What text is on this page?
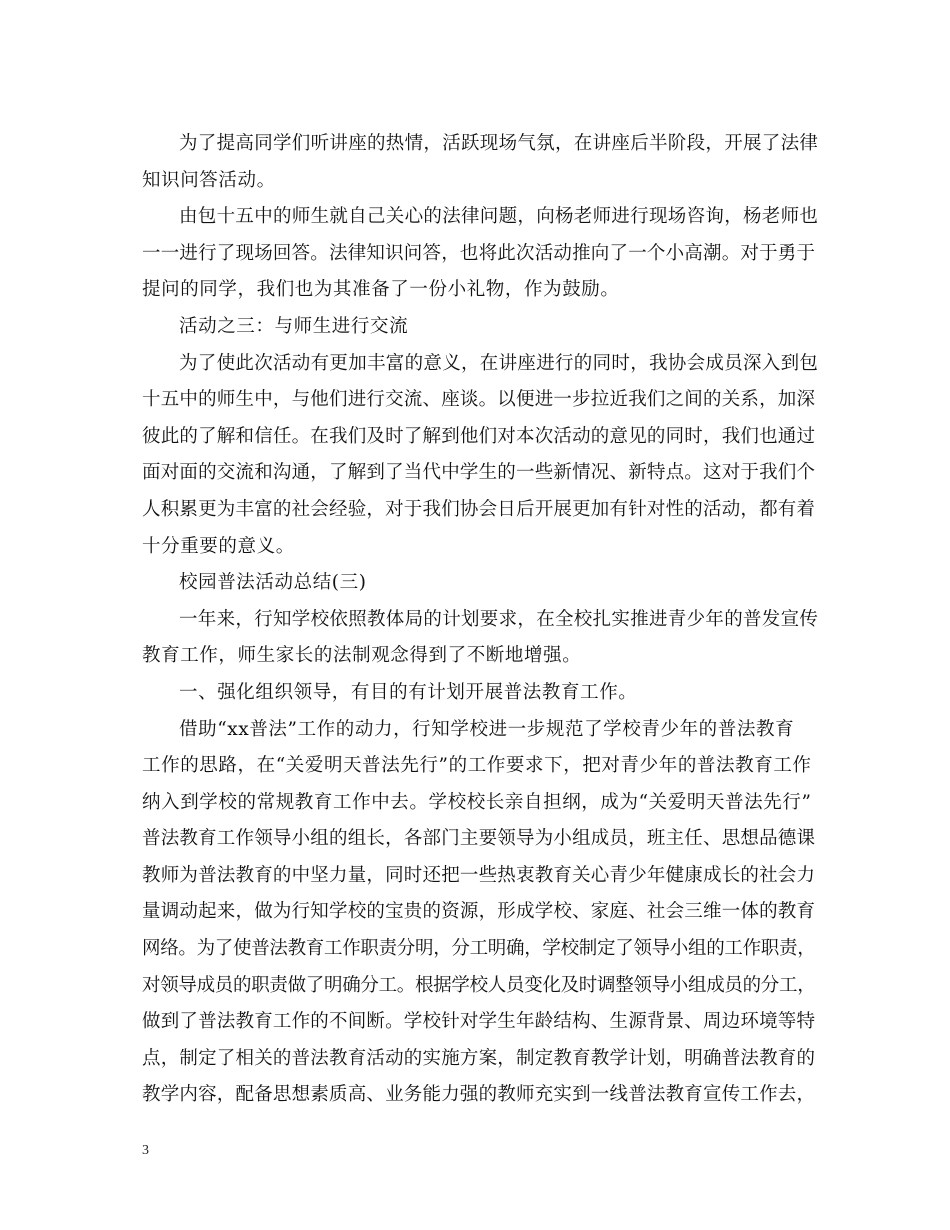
为了提高同学们听讲座的热情，活跃现场气氛，在讲座后半阶段，开展了法律
知识问答活动。
由包十五中的师生就自己关心的法律问题，向杨老师进行现场咨询，杨老师也
一一进行了现场回答。法律知识问答，也将此次活动推向了一个小高潮。对于勇于
提问的同学，我们也为其准备了一份小礼物，作为鼓励。
活动之三：与师生进行交流
为了使此次活动有更加丰富的意义，在讲座进行的同时，我协会成员深入到包
十五中的师生中，与他们进行交流、座谈。以便进一步拉近我们之间的关系，加深
彼此的了解和信任。在我们及时了解到他们对本次活动的意见的同时，我们也通过
面对面的交流和沟通，了解到了当代中学生的一些新情况、新特点。这对于我们个
人积累更为丰富的社会经验，对于我们协会日后开展更加有针对性的活动，都有着
十分重要的意义。
校园普法活动总结(三)
一年来，行知学校依照教体局的计划要求，在全校扎实推进青少年的普发宣传
教育工作，师生家长的法制观念得到了不断地增强。
一、强化组织领导，有目的有计划开展普法教育工作。
借助“xx普法”工作的动力，行知学校进一步规范了学校青少年的普法教育
工作的思路，在“关爱明天普法先行”的工作要求下，把对青少年的普法教育工作
纳入到学校的常规教育工作中去。学校校长亲自担纲，成为“关爱明天普法先行”
普法教育工作领导小组的组长，各部门主要领导为小组成员，班主任、思想品德课
教师为普法教育的中坚力量，同时还把一些热衷教育关心青少年健康成长的社会力
量调动起来，做为行知学校的宝贵的资源，形成学校、家庭、社会三维一体的教育
网络。为了使普法教育工作职责分明，分工明确，学校制定了领导小组的工作职责，
对领导成员的职责做了明确分工。根据学校人员变化及时调整领导小组成员的分工，
做到了普法教育工作的不间断。学校针对学生年龄结构、生源背景、周边环境等特
点，制定了相关的普法教育活动的实施方案，制定教育教学计划，明确普法教育的
教学内容，配备思想素质高、业务能力强的教师充实到一线普法教育宣传工作去，
3
